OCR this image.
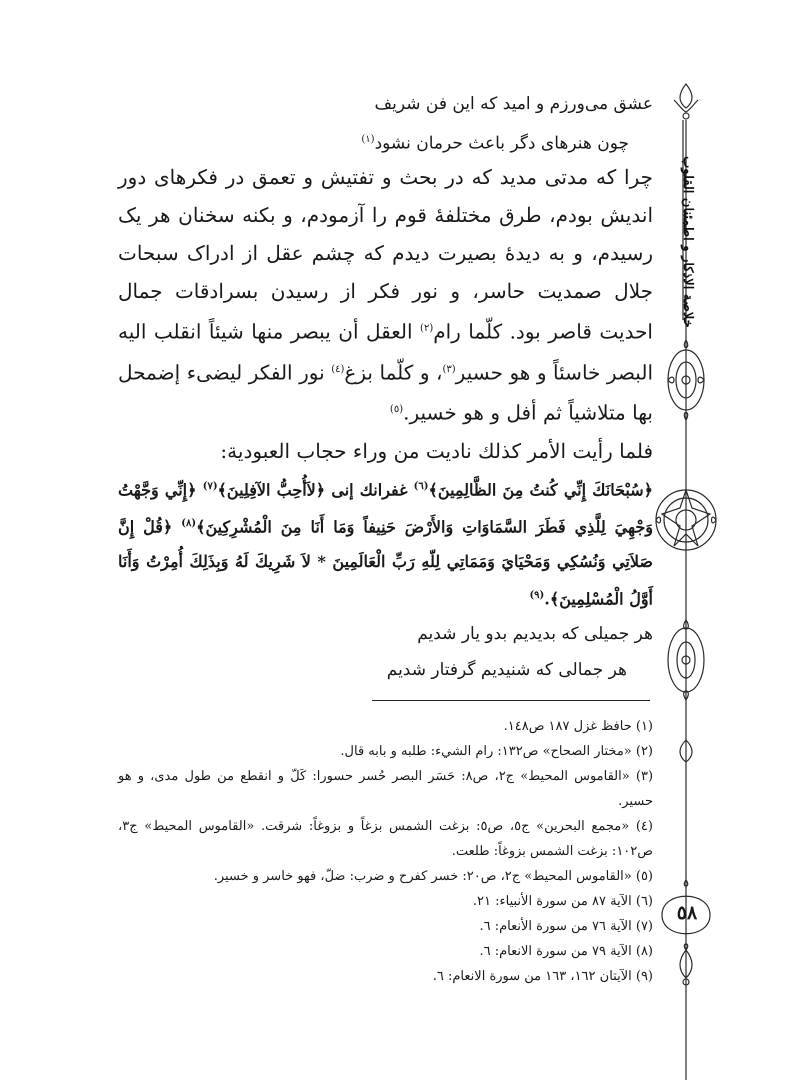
خلاصة الاذكار و اطمئنان القلوب
٥٨

عشق می‌ورزم و امید که این فن شریف

چون هنرهای دگر باعث حرمان نشود$^{(١)}$

چرا که مدتی مدید که در بحث و تفتیش و تعمق در فکرهای دور اندیش بودم، طرق مختلفهٔ قوم را آزمودم، و بکنه سخنان هر یک رسیدم، و به دیدهٔ بصیرت دیدم که چشم عقل از ادراک سبحات جلال صمدیت حاسر، و نور فکر از رسیدن بسرادقات جمال احدیت قاصر بود. کلّما رام$^{(٢)}$ العقل أن یبصر منها شیئاً انقلب الیه البصر خاسئاً و هو حسیر$^{(٣)}$، و کلّما بزغ$^{(٤)}$ نور الفکر لیضیء إضمحل بها متلاشیاً ثم أفل و هو خسیر.$^{(٥)}$

فلما رأیت الأمر کذلك نادیت من وراء حجاب العبودیة:

﴿سُبْحَانَكَ إِنِّي كُنتُ مِنَ الظَّالِمِينَ﴾$^{(٦)}$ غفرانك إنی ﴿لاَأُحِبُّ الآفِلِينَ﴾$^{(٧)}$ ﴿إِنِّي وَجَّهْتُ وَجْهِيَ لِلَّذِي فَطَرَ السَّمَاوَاتِ وَالأَرْضَ حَنِيفاً وَمَا أَنَا مِنَ الْمُشْرِكِينَ﴾$^{(٨)}$ ﴿قُلْ إِنَّ صَلاَتِي وَنُسُكِي وَمَحْيَايَ وَمَمَاتِي لِلّهِ رَبِّ الْعَالَمِينَ * لاَ شَرِيكَ لَهُ وَبِذَلِكَ أُمِرْتُ وَأَنَا أَوَّلُ الْمُسْلِمِينَ﴾.$^{(٩)}$

هر جمیلی که بدیدیم بدو یار شدیم

هر جمالی که شنیدیم گرفتار شدیم

(١) حافظ غزل ١٨٧ ص١٤٨.

(٢) «مختار الصحاح» ص١٣٢: رام الشيء: طلبه و بابه قال.

(٣) «القاموس المحیط» ج٢، ص٨: حَسَر البصر حُسر حسورا: کَلّ و انقطع من طول مدی، و هو حسیر.

(٤) «مجمع البحرین» ج٥، ص٥: بزغت الشمس بزغاً و بزوغاً: شرقت. «القاموس المحیط» ج٣، ص١٠٢: بزغت الشمس بزوغاً: طلعت.

(٥) «القاموس المحیط» ج٢، ص٢٠: خسر کفرح و ضرب: ضلّ، فهو خاسر و خسیر.

(٦) الآیة ٨٧ من سورة الأنبیاء: ٢١.

(٧) الآیة ٧٦ من سورة الأنعام: ٦.

(٨) الآیة ٧٩ من سورة الانعام: ٦.

(٩) الآیتان ١٦٢، ١٦٣ من سورة الانعام: ٦.
